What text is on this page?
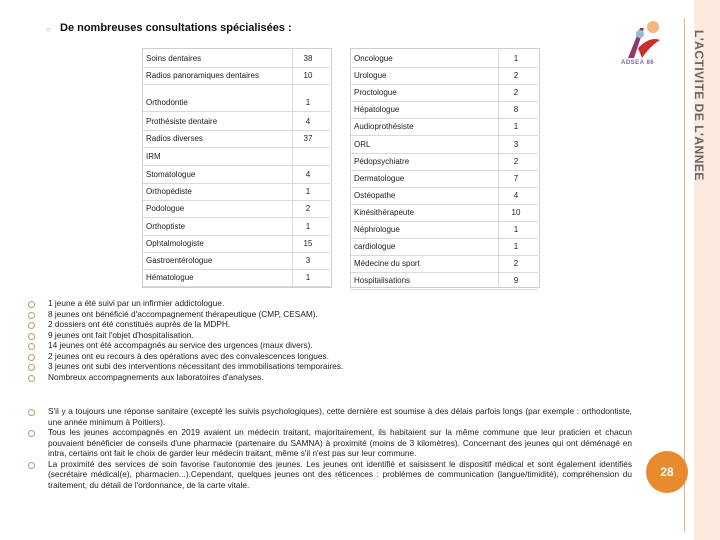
L'ACTIVITE DE L'ANNEE
○ De nombreuses consultations spécialisées :
ADSEA 86
Soins dentaires	38
Radios panoramiques dentaires	10
Orthodontie	1
Prothésiste dentaire	4
Radios diverses	37
IRM
Stomatologue	4
Orthopédiste	1
Podologue	2
Orthoptiste	1
Ophtalmologiste	15
Gastroentérologue	3
Hématologue	1
Oncologue	1
Urologue	2
Proctologue	2
Hépatologue	8
Audioprothésiste	1
ORL	3
Pédopsychiatre	2
Dermatologue	7
Ostéopathe	4
Kinésithérapeute	10
Néphrologue	1
cardiologue	1
Médecine du sport	2
Hospitalisations	9
1 jeune a été suivi par un infirmier addictologue.
8 jeunes ont bénéficié d'accompagnement thérapeutique (CMP, CESAM).
2 dossiers ont été constitués auprès de la MDPH.
9 jeunes ont fait l'objet d'hospitalisation.
14 jeunes ont été accompagnés au service des urgences (maux divers).
2 jeunes ont eu recours à des opérations avec des convalescences longues.
3 jeunes ont subi des interventions nécessitant des immobilisations temporaires.
Nombreux accompagnements aux laboratoires d'analyses.
S'il y a toujours une réponse sanitaire (excepté les suivis psychologiques), cette dernière est soumise à des délais parfois longs (par exemple : orthodontiste, une année minimum à Poitiers).
Tous les jeunes accompagnés en 2019 avaient un médecin traitant, majoritairement, ils habitaient sur la même commune que leur praticien et chacun pouvaient bénéficier de conseils d'une pharmacie (partenaire du SAMNA) à proximité (moins de 3 kilomètres). Concernant des jeunes qui ont déménagé en intra, certains ont fait le choix de garder leur médecin traitant, même s'il n'est pas sur leur commune.
La proximité des services de soin favorise l'autonomie des jeunes. Les jeunes ont identifié et saisissent le dispositif médical et sont également identifiés (secrétaire médical(e), pharmacien...).Cependant, quelques jeunes ont des réticences : problèmes de communication (langue/timidité), compréhension du traitement, du détail de l'ordonnance, de la carte vitale.
28
